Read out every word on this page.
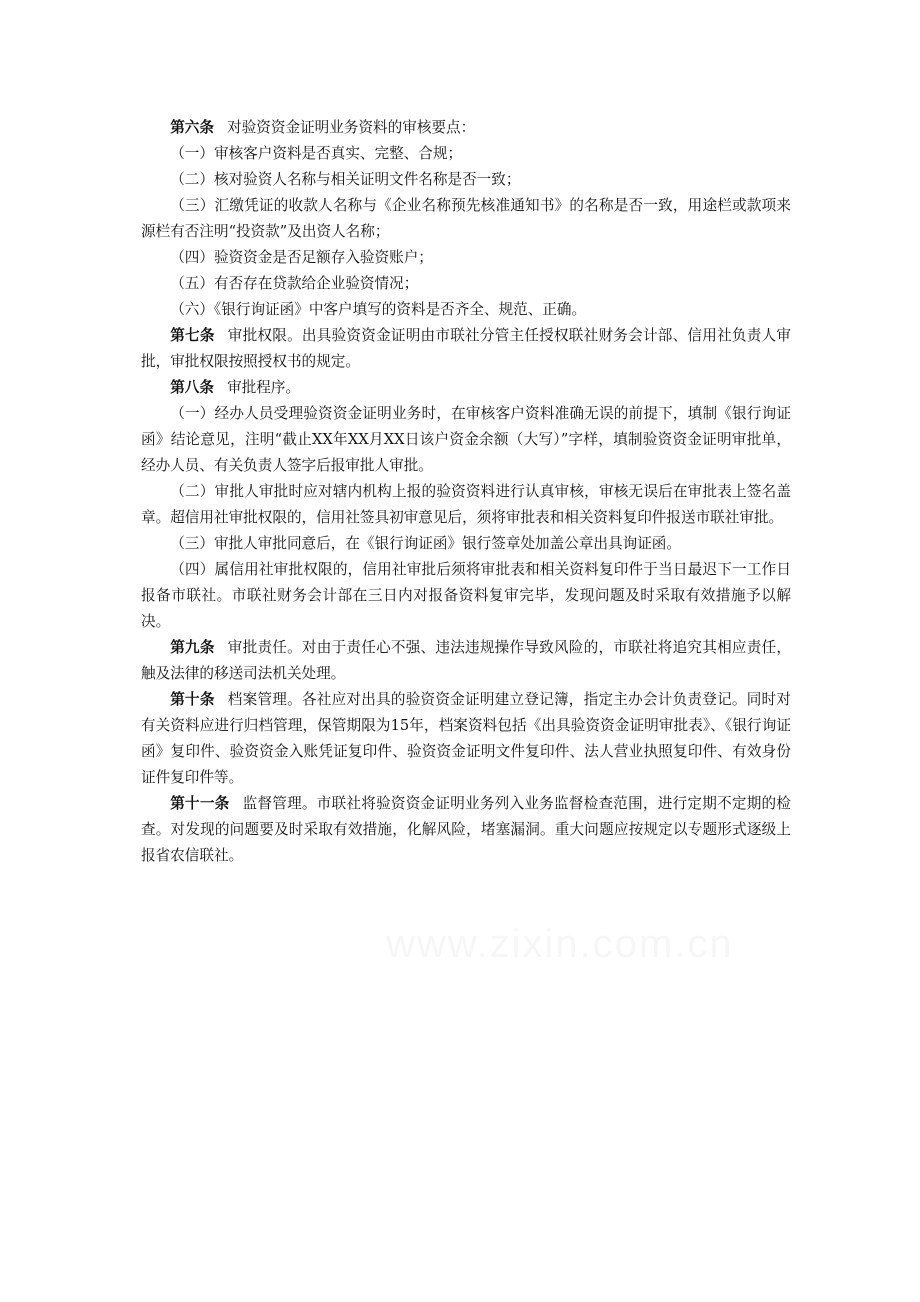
第六条 对验资资金证明业务资料的审核要点：

（一）审核客户资料是否真实、完整、合规；

（二）核对验资人名称与相关证明文件名称是否一致；

（三）汇缴凭证的收款人名称与《企业名称预先核准通知书》的名称是否一致，用途栏或款项来源栏有否注明“投资款”及出资人名称；

（四）验资资金是否足额存入验资账户；

（五）有否存在贷款给企业验资情况；

（六）《银行询证函》中客户填写的资料是否齐全、规范、正确。

第七条 审批权限。出具验资资金证明由市联社分管主任授权联社财务会计部、信用社负责人审批，审批权限按照授权书的规定。

第八条 审批程序。

（一）经办人员受理验资资金证明业务时，在审核客户资料准确无误的前提下，填制《银行询证函》结论意见，注明“截止XX年XX月XX日该户资金余额（大写）”字样，填制验资资金证明审批单，经办人员、有关负责人签字后报审批人审批。

（二）审批人审批时应对辖内机构上报的验资资料进行认真审核，审核无误后在审批表上签名盖章。超信用社审批权限的，信用社签具初审意见后，须将审批表和相关资料复印件报送市联社审批。

（三）审批人审批同意后，在《银行询证函》银行签章处加盖公章出具询证函。

（四）属信用社审批权限的，信用社审批后须将审批表和相关资料复印件于当日最迟下一工作日报备市联社。市联社财务会计部在三日内对报备资料复审完毕，发现问题及时采取有效措施予以解决。

第九条 审批责任。对由于责任心不强、违法违规操作导致风险的，市联社将追究其相应责任，触及法律的移送司法机关处理。

第十条 档案管理。各社应对出具的验资资金证明建立登记簿，指定主办会计负责登记。同时对有关资料应进行归档管理，保管期限为15年，档案资料包括《出具验资资金证明审批表》、《银行询证函》复印件、验资资金入账凭证复印件、验资资金证明文件复印件、法人营业执照复印件、有效身份证件复印件等。

第十一条 监督管理。市联社将验资资金证明业务列入业务监督检查范围，进行定期不定期的检查。对发现的问题要及时采取有效措施，化解风险，堵塞漏洞。重大问题应按规定以专题形式逐级上报省农信联社。
